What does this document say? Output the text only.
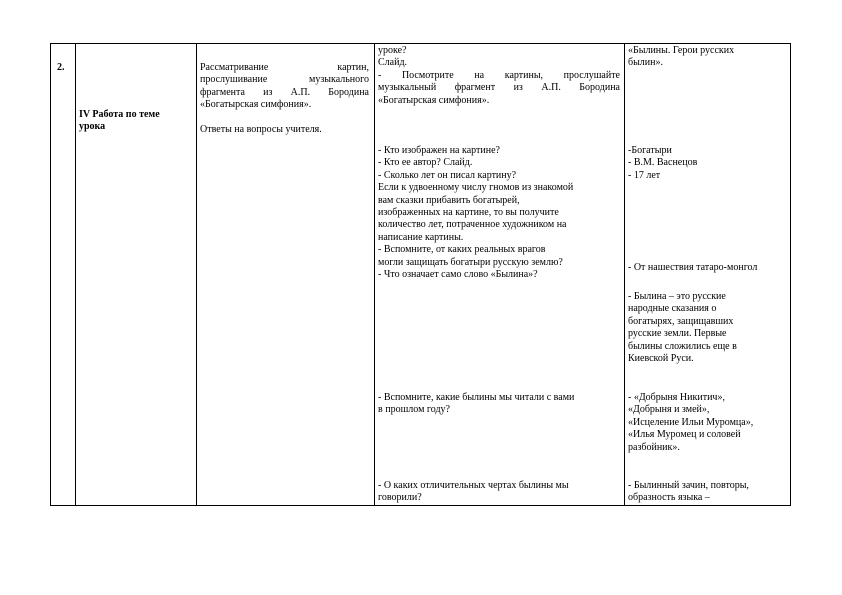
2.
IV Работа по теме
урока

Рассматривание картин,

прослушивание музыкального

фрагмента из А.П. Бородина

«Богатырская симфония».

Ответы на вопросы учителя.

уроке?
Слайд.

- Посмотрите на картины, прослушайте

музыкальный фрагмент из А.П. Бородина

«Богатырская симфония».

- Кто изображен на картине?
- Кто ее автор? Слайд.
- Сколько лет он писал картину?
Если к удвоенному числу гномов из знакомой
вам сказки прибавить богатырей,
изображенных на картине, то вы получите
количество лет, потраченное художником на
написание картины.
- Вспомните, от каких реальных врагов
могли защищать богатыри русскую землю?
- Что означает само слово «Былина»?
- Вспомните, какие былины мы читали с вами
в прошлом году?
- О каких отличительных чертах былины мы
говорили?
«Былины. Герои русских
былин».
-Богатыри
- В.М. Васнецов
- 17 лет
- От нашествия татаро-монгол
- Былина – это русские
народные сказания о
богатырях, защищавших
русские земли. Первые
былины сложились еще в
Киевской Руси.
- «Добрыня Никитич»,
«Добрыня и змей»,
«Исцеление Ильи Муромца»,
«Илья Муромец и соловей
разбойник».
- Былинный зачин, повторы,
образность языка –
